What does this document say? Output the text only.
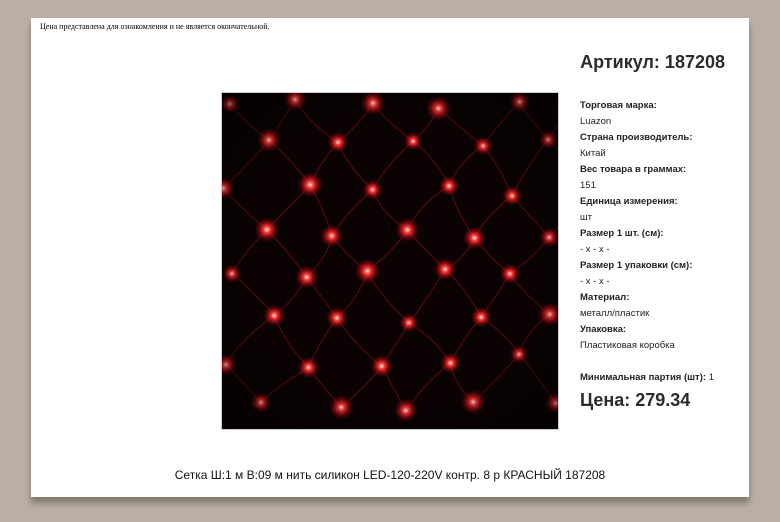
Цена представлена для ознакомления и не является окончательной.
Артикул: 187208
Торговая марка:
Luazon
Страна производитель:
Китай
Вес товара в граммах:
151
Единица измерения:
шт
Размер 1 шт. (см):
- x - x -
Размер 1 упаковки (см):
- x - x -
Материал:
металл/пластик
Упаковка:
Пластиковая коробка
Минимальная партия (шт): 1
Цена: 279.34
Сетка Ш:1 м В:09 м нить силикон LED-120-220V контр. 8 р КРАСНЫЙ 187208
